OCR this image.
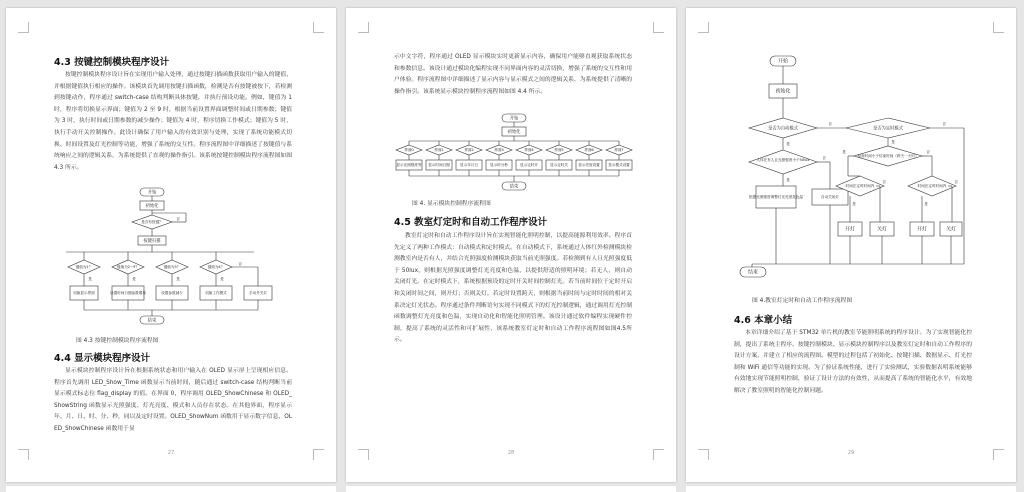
4.3 按键控制模块程序设计

按键控制模块程序设计旨在实现用户输入处理，通过按键扫描函数获取用户输入的键值，并根据键值执行相应的操作。该模块首先调用按键扫描函数，检测是否有按键被按下，若检测到按键动作，程序通过 switch-case 结构判断具体按键，并执行预设功能。例如，键值为 1 时，程序将切换显示界面；键值为 2 至 9 时，根据当前设置界面调整时间或日期参数；键值为 3 时，执行时间或日期参数的减少操作；键值为 4 时，程序切换工作模式；键值为 5 时，执行手动开关控制操作。此设计确保了用户输入的有效识别与处理，实现了系统功能模式切换、时间设置及灯光控制等功能，增强了系统的交互性。程序流程图中详细描述了按键值与系统响应之间的逻辑关系，为系统提供了直观的操作指引。该系统按键控制模块程序流程图如图 4.3 所示。

开始
初始化
是否有按键？
按键扫描
键值为1？	键值为2~9？	键值为3？	键值为4？
切换显示界面	设置时间日期参数增加	设置参数减少	切换工作模式	手动开关灯
结束
是	是	是	是
否
否
图 4.3 按键控制模块程序流程图
4.4 显示模块程序设计

显示模块控制程序设计旨在根据系统状态和用户输入在 OLED 显示屏上呈现相应信息。程序首先调用 LED_Show_Time 函数显示当前时间，随后通过 switch-case 结构判断当前显示模式标志位 flag_display 的值。在界面 0，程序调用 OLED_ShowChinese 和 OLED_ShowString 函数显示光照强度、灯光亮度、模式和人员存在状态。在其他界面，程序显示年、月、日、时、分、秒，同以及定时设置。OLED_ShowNum 函数用于显示数字信息，OLED_ShowChinese 函数用于显

27

示中文字符，程序通过 OLED 显示模块实时更新显示内容，确保用户能够直观获取系统状态和参数信息。该设计通过模块化编程实现不同界面内容的灵活切换，增强了系统的交互性和用户体验。程序流程图中详细描述了显示内容与显示模式之间的逻辑关系，为系统提供了清晰的操作指引。该系统显示模块控制程序流程图如图 4.4 所示。

开始
初始化
界面0
显示光照强度等
界面1
显示时间日期
界面2
显示年月日
界面3
显示时分秒
界面4
显示定时开
界面5
显示定时关
界面6
显示亮度设置
界面7
显示模式设置
结束
图 4. 显示模块控制程序流程图
4.5 教室灯定时和自动工作程序设计

教室灯定时和自动工作程序设计旨在实现智能化照明控制，以提高能源利用效率。程序首先定义了两种工作模式：自动模式和定时模式。在自动模式下，系统通过人体红外检测模块检测教室内是否有人，并结合光照强度检测模块获取当前光照强度。若检测到有人且光照强度低于 50lux，则根据光照强度调整灯光亮度和色温，以提供舒适的照明环境；若无人，则自动关闭灯光。在定时模式下，系统根据预设的定时开关时间控制灯光。若当前时间位于定时开启和关闭时间之间，则开灯；否则关灯。若定时设置跨天，则根据当前时间与定时时间的相对关系决定灯光状态。程序通过条件判断语句实现不同模式下的灯光控制逻辑，通过调用灯光控制函数调整灯光亮度和色温，实现自动化和智能化照明管理。该设计通过软件编程实现硬件控制，提高了系统的灵活性和可扩展性，该系统教室灯定时和自动工作程序流程图如图4.5所示。

28
开始
初始化
是否为自动模式	是否为定时模式
人体在有人且光照强度小于50lux
根据光照强度调整灯光亮度及色温	自动关闭灯
检查时间小于结束时间（跨天一天时）
时间在定时时间内	时间在定时时间内
开灯	关灯	开灯	关灯
结束
是
否
是
否
是
否
是	否
是
否
是
否
图 4.教室灯定时和自动工作程序流程图
4.6 本章小结

本章详细介绍了基于 STM32 单片机的教室节能照明系统的程序设计。为了实现智能化控制，提出了系统主程序、按键控制模块、显示模块控制程序以及教室灯定时和自动工作程序的设计方案，并建立了相应的流程图。模型的过程包括了初始化、按键扫描、数据显示、灯光控制和 WiFi 通信等功能的实现。为了验证系统性能，进行了实验测试，实验数据表明系统能够有效地实现节能照明控制，验证了设计方法的有效性，从而提高了系统的智能化水平，有效地解决了教室照明的智能化控制问题。

29
